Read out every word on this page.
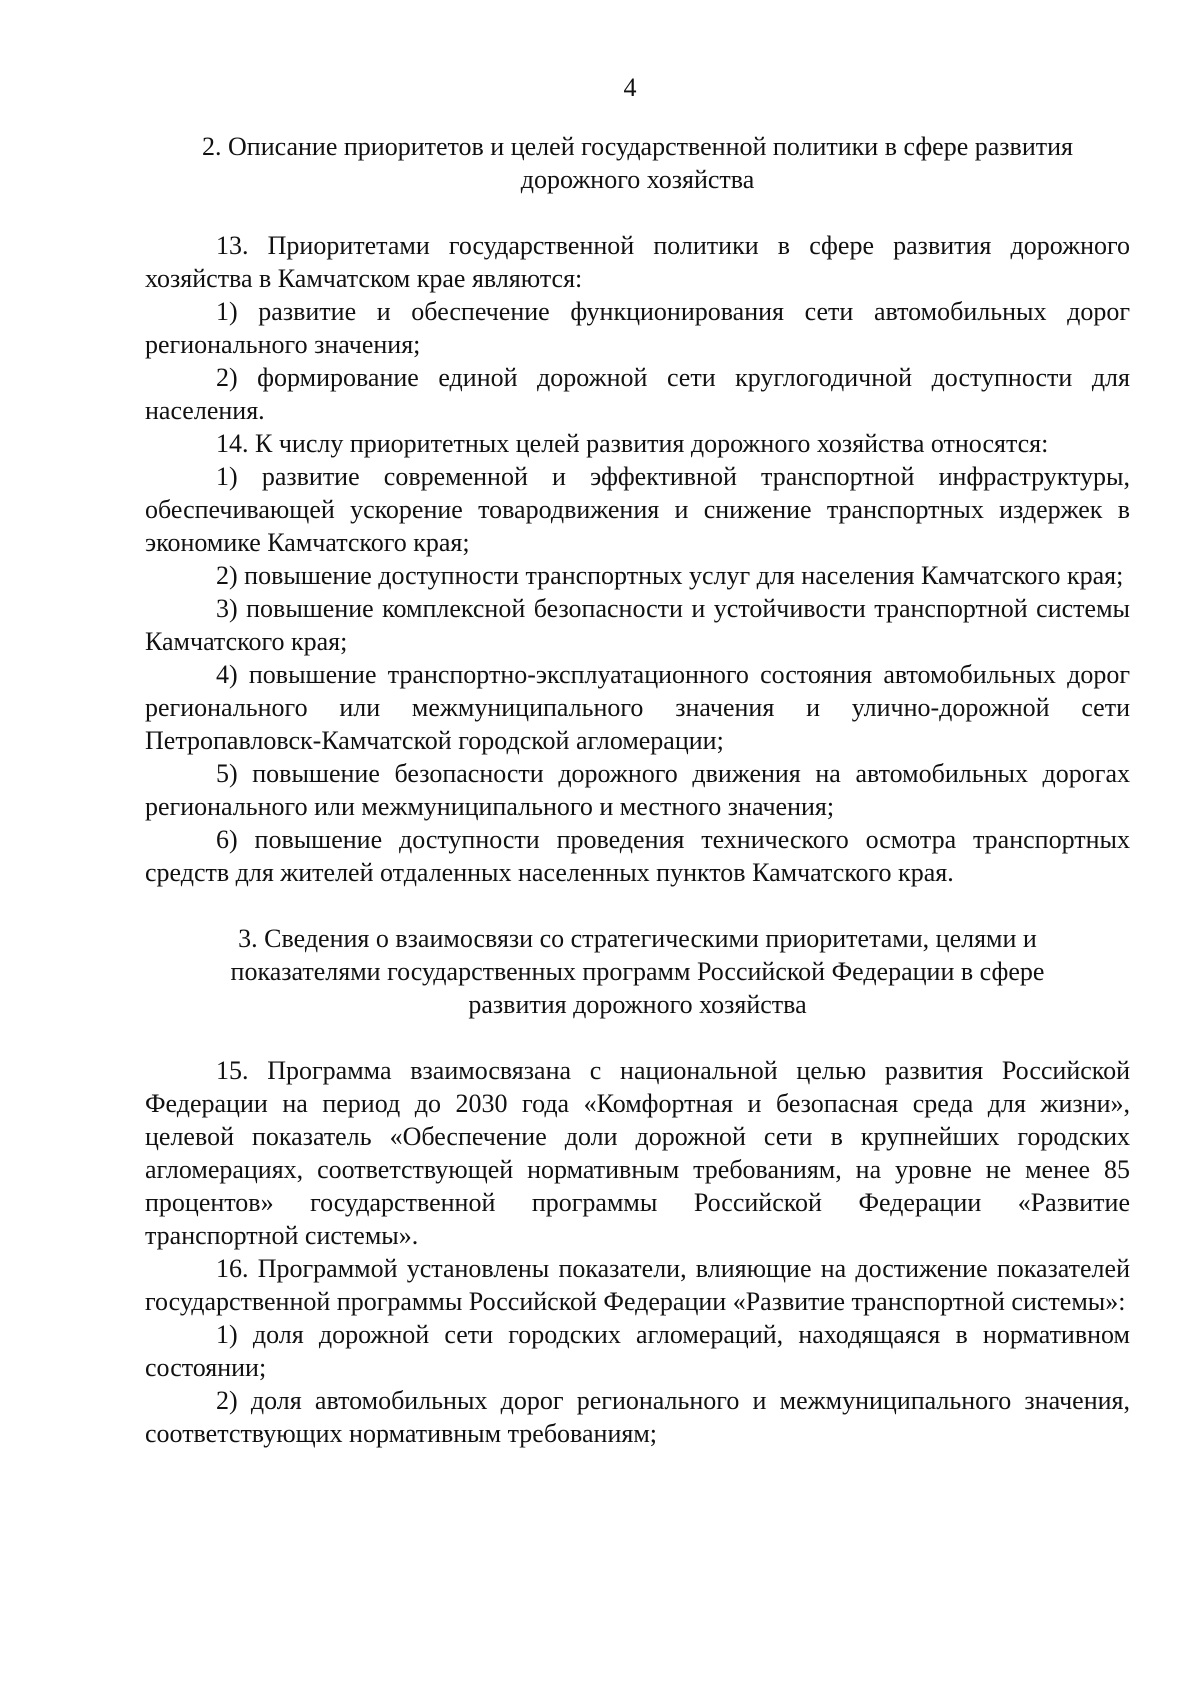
4
2. Описание приоритетов и целей государственной политики в сфере развития
дорожного хозяйства

13. Приоритетами государственной политики в сфере развития дорожного хозяйства в Камчатском крае являются:

1) развитие и обеспечение функционирования сети автомобильных дорог регионального значения;

2) формирование единой дорожной сети круглогодичной доступности для населения.

14. К числу приоритетных целей развития дорожного хозяйства относятся:

1) развитие современной и эффективной транспортной инфраструктуры, обеспечивающей ускорение товародвижения и снижение транспортных издержек в экономике Камчатского края;

2) повышение доступности транспортных услуг для населения Камчатского края;

3) повышение комплексной безопасности и устойчивости транспортной системы Камчатского края;

4) повышение транспортно-эксплуатационного состояния автомобильных дорог регионального или межмуниципального значения и улично-дорожной сети Петропавловск-Камчатской городской агломерации;

5) повышение безопасности дорожного движения на автомобильных дорогах регионального или межмуниципального и местного значения;

6) повышение доступности проведения технического осмотра транспортных средств для жителей отдаленных населенных пунктов Камчатского края.

3. Сведения о взаимосвязи со стратегическими приоритетами, целями и
показателями государственных программ Российской Федерации в сфере
развития дорожного хозяйства

15. Программа взаимосвязана с национальной целью развития Российской Федерации на период до 2030 года «Комфортная и безопасная среда для жизни», целевой показатель «Обеспечение доли дорожной сети в крупнейших городских агломерациях, соответствующей нормативным требованиям, на уровне не менее 85 процентов» государственной программы Российской Федерации «Развитие транспортной системы».

16. Программой установлены показатели, влияющие на достижение показателей государственной программы Российской Федерации «Развитие транспортной системы»:

1) доля дорожной сети городских агломераций, находящаяся в нормативном состоянии;

2) доля автомобильных дорог регионального и межмуниципального значения, соответствующих нормативным требованиям;
